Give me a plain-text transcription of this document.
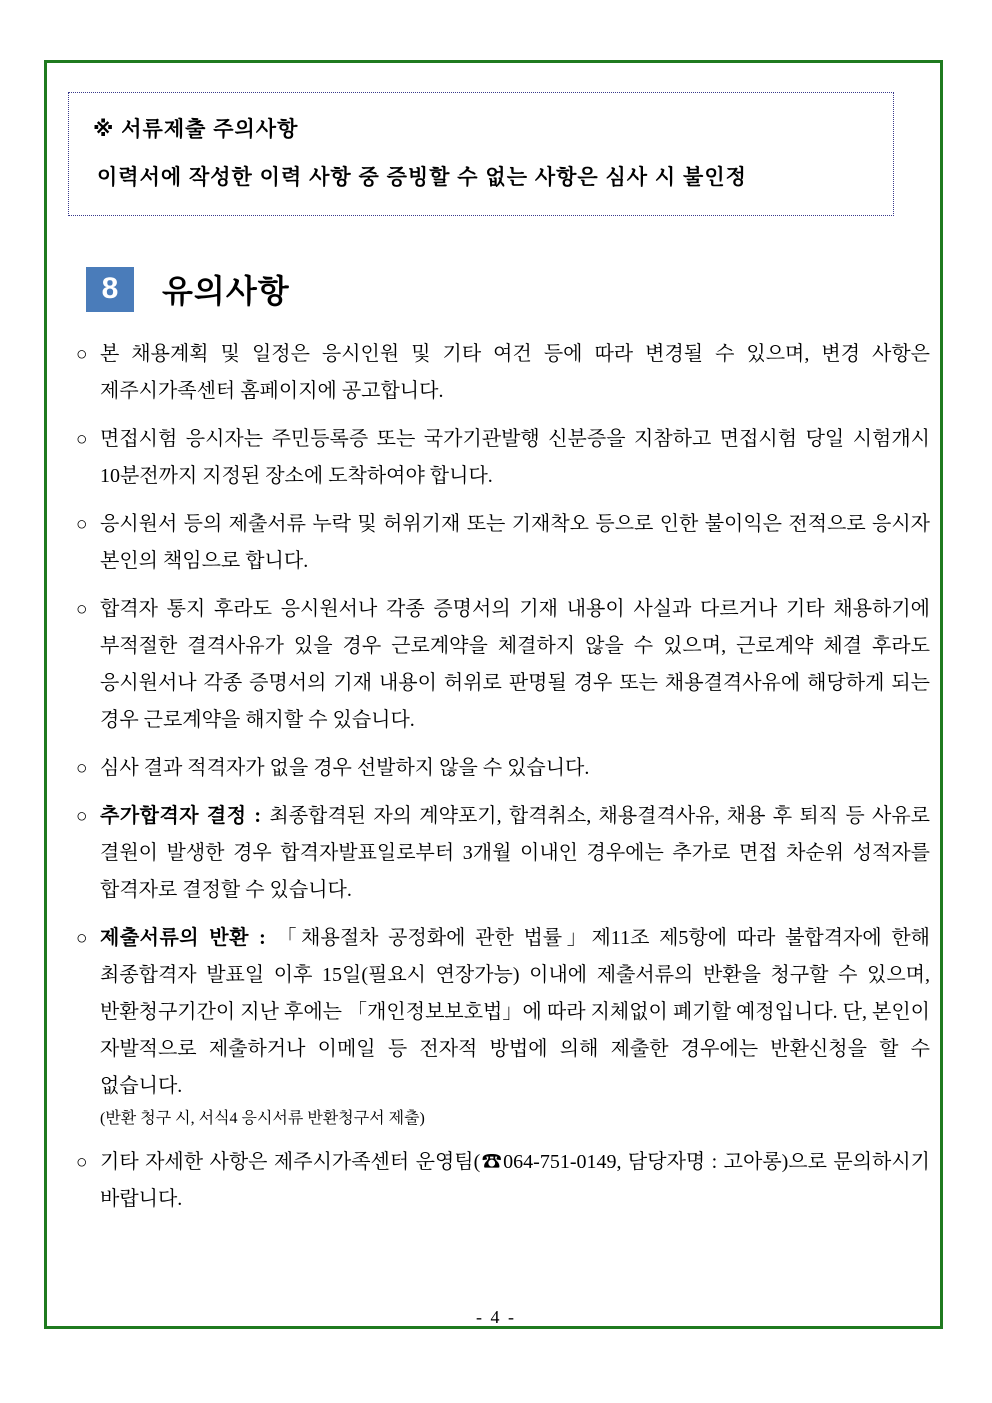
※ 서류제출 주의사항
이력서에 작성한 이력 사항 중 증빙할 수 없는 사항은 심사 시 불인정
8	유의사항
○ 본 채용계획 및 일정은 응시인원 및 기타 여건 등에 따라 변경될 수 있으며, 변경 사항은 제주시가족센터 홈페이지에 공고합니다.
○ 면접시험 응시자는 주민등록증 또는 국가기관발행 신분증을 지참하고 면접시험 당일 시험개시 10분전까지 지정된 장소에 도착하여야 합니다.
○ 응시원서 등의 제출서류 누락 및 허위기재 또는 기재착오 등으로 인한 불이익은 전적으로 응시자 본인의 책임으로 합니다.
○ 합격자 통지 후라도 응시원서나 각종 증명서의 기재 내용이 사실과 다르거나 기타 채용하기에 부적절한 결격사유가 있을 경우 근로계약을 체결하지 않을 수 있으며, 근로계약 체결 후라도 응시원서나 각종 증명서의 기재 내용이 허위로 판명될 경우 또는 채용결격사유에 해당하게 되는 경우 근로계약을 해지할 수 있습니다.
○ 심사 결과 적격자가 없을 경우 선발하지 않을 수 있습니다.
○ 추가합격자 결정 : 최종합격된 자의 계약포기, 합격취소, 채용결격사유, 채용 후 퇴직 등 사유로 결원이 발생한 경우 합격자발표일로부터 3개월 이내인 경우에는 추가로 면접 차순위 성적자를 합격자로 결정할 수 있습니다.
○ 제출서류의 반환 : 「채용절차 공정화에 관한 법률」제11조 제5항에 따라 불합격자에 한해 최종합격자 발표일 이후 15일(필요시 연장가능) 이내에 제출서류의 반환을 청구할 수 있으며, 반환청구기간이 지난 후에는 「개인정보보호법」에 따라 지체없이 폐기할 예정입니다. 단, 본인이 자발적으로 제출하거나 이메일 등 전자적 방법에 의해 제출한 경우에는 반환신청을 할 수 없습니다.
(반환 청구 시, 서식4 응시서류 반환청구서 제출)
○ 기타 자세한 사항은 제주시가족센터 운영팀(☎064-751-0149, 담당자명 : 고아롱)으로 문의하시기 바랍니다.
- 4 -
